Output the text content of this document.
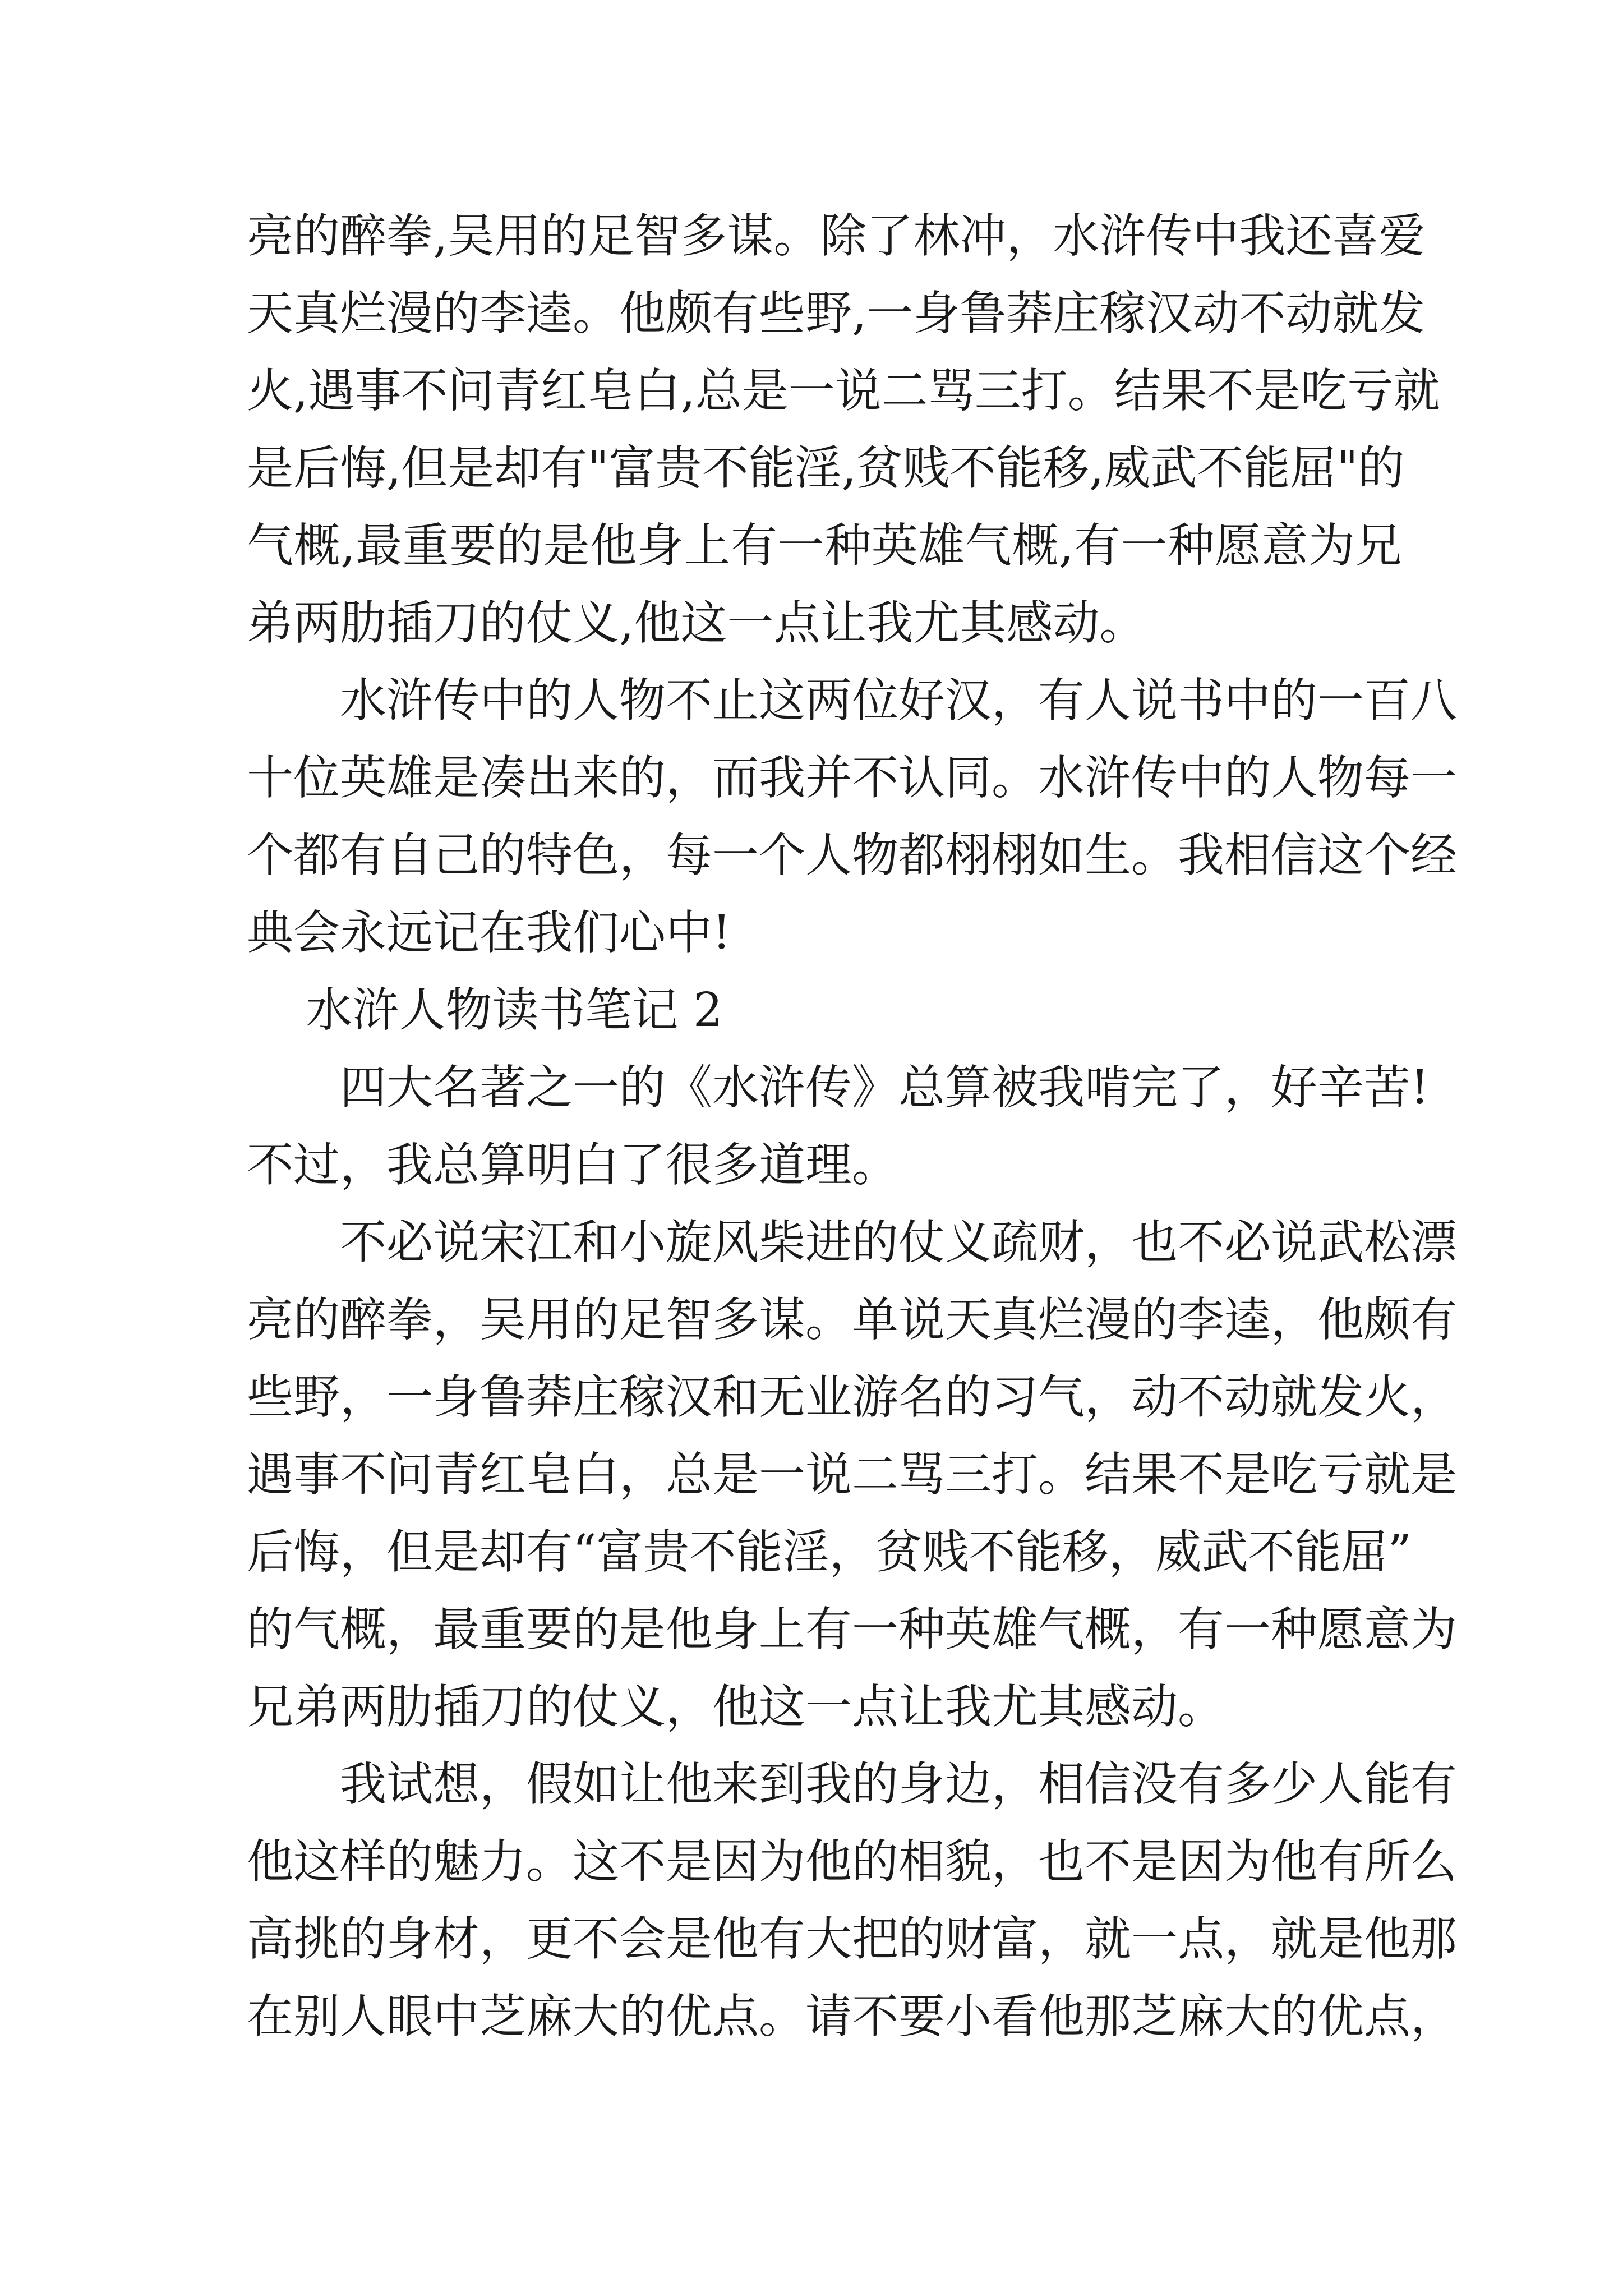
亮 的 醉 拳 , 吴 用 的 足 智 多 谋 。 除 了 林 冲 ， 水 浒 传 中 我 还 喜 爱
天 真 烂 漫 的 李 逵 。 他 颇 有 些 野 , 一 身 鲁 莽 庄 稼 汉 动 不 动 就 发
火 , 遇 事 不 问 青 红 皂 白 , 总 是 一 说 二 骂 三 打 。 结 果 不 是 吃 亏 就
是 后 悔 , 但 是 却 有 " 富 贵 不 能 淫 , 贫 贱 不 能 移 , 威 武 不 能 屈 " 的
气 概 , 最 重 要 的 是 他 身 上 有 一 种 英 雄 气 概 , 有 一 种 愿 意 为 兄
弟两肋插刀的仗义,他这一点让我尤其感动。
水 浒 传 中 的 人 物 不 止 这 两 位 好 汉 ， 有 人 说 书 中 的 一 百 八
十 位 英 雄 是 凑 出 来 的 ， 而 我 并 不 认 同 。 水 浒 传 中 的 人 物 每 一
个 都 有 自 己 的 特 色 ， 每 一 个 人 物 都 栩 栩 如 生 。 我 相 信 这 个 经
典会永远记在我们心中!
水浒人物读书笔记 2
四 大 名 著 之 一 的 《 水 浒 传 》 总 算 被 我 啃 完 了 ， 好 辛 苦 !
不过，我总算明白了很多道理。
不 必 说 宋 江 和 小 旋 风 柴 进 的 仗 义 疏 财 ， 也 不 必 说 武 松 漂
亮 的 醉 拳 ， 吴 用 的 足 智 多 谋 。 单 说 天 真 烂 漫 的 李 逵 ， 他 颇 有
些 野 ， 一 身 鲁 莽 庄 稼 汉 和 无 业 游 名 的 习 气 ， 动 不 动 就 发 火 ，
遇 事 不 问 青 红 皂 白 ， 总 是 一 说 二 骂 三 打 。 结 果 不 是 吃 亏 就 是
后 悔 ， 但 是 却 有 “ 富 贵 不 能 淫 ， 贫 贱 不 能 移 ， 威 武 不 能 屈 ”
的 气 概 ， 最 重 要 的 是 他 身 上 有 一 种 英 雄 气 概 ， 有 一 种 愿 意 为
兄弟两肋插刀的仗义，他这一点让我尤其感动。
我 试 想 ， 假 如 让 他 来 到 我 的 身 边 ， 相 信 没 有 多 少 人 能 有
他 这 样 的 魅 力 。 这 不 是 因 为 他 的 相 貌 ， 也 不 是 因 为 他 有 所 么
高 挑 的 身 材 ， 更 不 会 是 他 有 大 把 的 财 富 ， 就 一 点 ， 就 是 他 那
在 别 人 眼 中 芝 麻 大 的 优 点 。 请 不 要 小 看 他 那 芝 麻 大 的 优 点 ，
